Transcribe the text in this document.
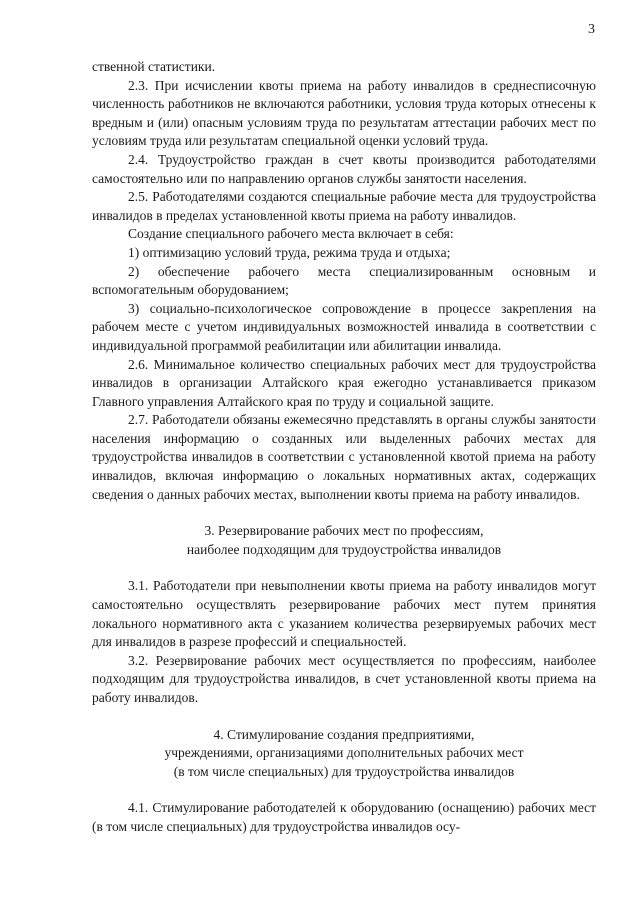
3

ственной статистики.

2.3. При исчислении квоты приема на работу инвалидов в среднесписочную численность работников не включаются работники, условия труда которых отнесены к вредным и (или) опасным условиям труда по результатам аттестации рабочих мест по условиям труда или результатам специальной оценки условий труда.

2.4. Трудоустройство граждан в счет квоты производится работодателями самостоятельно или по направлению органов службы занятости населения.

2.5. Работодателями создаются специальные рабочие места для трудоустройства инвалидов в пределах установленной квоты приема на работу инвалидов.

Создание специального рабочего места включает в себя:

1) оптимизацию условий труда, режима труда и отдыха;

2) обеспечение рабочего места специализированным основным и вспомогательным оборудованием;

3) социально-психологическое сопровождение в процессе закрепления на рабочем месте с учетом индивидуальных возможностей инвалида в соответствии с индивидуальной программой реабилитации или абилитации инвалида.

2.6. Минимальное количество специальных рабочих мест для трудоустройства инвалидов в организации Алтайского края ежегодно устанавливается приказом Главного управления Алтайского края по труду и социальной защите.

2.7. Работодатели обязаны ежемесячно представлять в органы службы занятости населения информацию о созданных или выделенных рабочих местах для трудоустройства инвалидов в соответствии с установленной квотой приема на работу инвалидов, включая информацию о локальных нормативных актах, содержащих сведения о данных рабочих местах, выполнении квоты приема на работу инвалидов.

3. Резервирование рабочих мест по профессиям,

наиболее подходящим для трудоустройства инвалидов

3.1. Работодатели при невыполнении квоты приема на работу инвалидов могут самостоятельно осуществлять резервирование рабочих мест путем принятия локального нормативного акта с указанием количества резервируемых рабочих мест для инвалидов в разрезе профессий и специальностей.

3.2. Резервирование рабочих мест осуществляется по профессиям, наиболее подходящим для трудоустройства инвалидов, в счет установленной квоты приема на работу инвалидов.

4. Стимулирование создания предприятиями,

учреждениями, организациями дополнительных рабочих мест

(в том числе специальных) для трудоустройства инвалидов

4.1. Стимулирование работодателей к оборудованию (оснащению) рабочих мест (в том числе специальных) для трудоустройства инвалидов осу-
